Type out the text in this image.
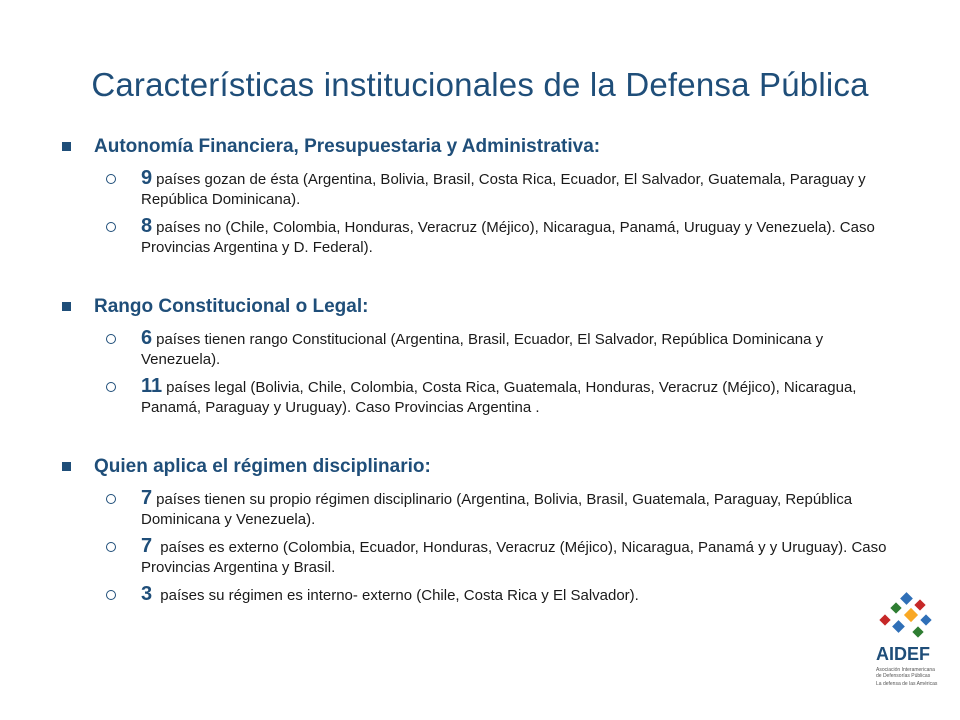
Características institucionales de la Defensa Pública
Autonomía Financiera, Presupuestaria y Administrativa:
9 países gozan de ésta (Argentina, Bolivia, Brasil, Costa Rica, Ecuador, El Salvador, Guatemala, Paraguay y República Dominicana).
8 países no (Chile, Colombia, Honduras, Veracruz (Méjico), Nicaragua, Panamá, Uruguay y Venezuela). Caso Provincias Argentina y D. Federal).
Rango Constitucional o Legal:
6 países tienen rango Constitucional (Argentina, Brasil, Ecuador, El Salvador, República Dominicana y Venezuela).
11 países legal (Bolivia, Chile, Colombia, Costa Rica, Guatemala, Honduras, Veracruz (Méjico), Nicaragua, Panamá, Paraguay y Uruguay). Caso Provincias Argentina .
Quien aplica el régimen disciplinario:
7 países tienen su propio régimen disciplinario (Argentina, Bolivia, Brasil, Guatemala, Paraguay, República Dominicana y Venezuela).
7 países es externo (Colombia, Ecuador, Honduras, Veracruz (Méjico), Nicaragua, Panamá y y Uruguay). Caso Provincias Argentina y Brasil.
3 países su régimen es interno- externo (Chile, Costa Rica y El Salvador).
AIDEF
Asociación Interamericana de Defensorías Públicas
La defensa de las Américas
